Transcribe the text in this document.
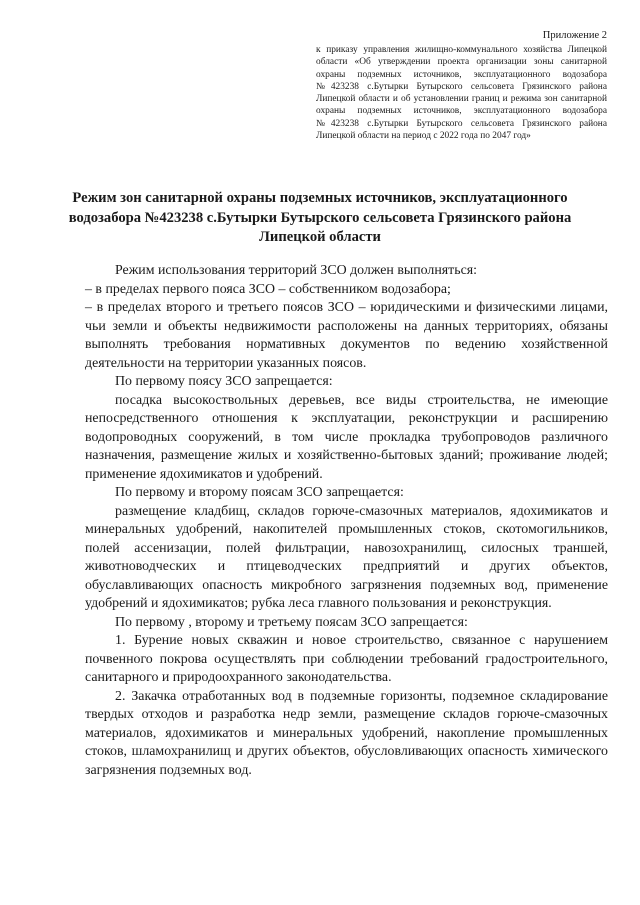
Приложение 2

к приказу управления жилищно-коммунального хозяйства Липецкой области «Об утверждении проекта организации зоны санитарной охраны подземных источников, эксплуатационного водозабора №423238 с.Бутырки Бутырского сельсовета Грязинского района Липецкой области и об установлении границ и режима зон санитарной охраны подземных источников, эксплуатационного водозабора №423238 с.Бутырки Бутырского сельсовета Грязинского района Липецкой области на период с 2022 года по 2047 год»

Режим зон санитарной охраны подземных источников, эксплуатационного водозабора №423238 с.Бутырки Бутырского сельсовета Грязинского района Липецкой области

Режим использования территорий ЗСО должен выполняться:

– в пределах первого пояса ЗСО – собственником водозабора;

– в пределах второго и третьего поясов ЗСО – юридическими и физическими лицами, чьи земли и объекты недвижимости расположены на данных территориях, обязаны выполнять требования нормативных документов по ведению хозяйственной деятельности на территории указанных поясов.

По первому поясу ЗСО запрещается:

посадка высокоствольных деревьев, все виды строительства, не имеющие непосредственного отношения к эксплуатации, реконструкции и расширению водопроводных сооружений, в том числе прокладка трубопроводов различного назначения, размещение жилых и хозяйственно-бытовых зданий; проживание людей; применение ядохимикатов и удобрений.

По первому и второму поясам ЗСО запрещается:

размещение кладбищ, складов горюче-смазочных материалов, ядохимикатов и минеральных удобрений, накопителей промышленных стоков, скотомогильников, полей ассенизации, полей фильтрации, навозохранилищ, силосных траншей, животноводческих и птицеводческих предприятий и других объектов, обуславливающих опасность микробного загрязнения подземных вод, применение удобрений и ядохимикатов; рубка леса главного пользования и реконструкция.

По первому , второму и третьему поясам ЗСО запрещается:

1. Бурение новых скважин и новое строительство, связанное с нарушением почвенного покрова осуществлять при соблюдении требований градостроительного, санитарного и природоохранного законодательства.

2. Закачка отработанных вод в подземные горизонты, подземное складирование твердых отходов и разработка недр земли, размещение складов горюче-смазочных материалов, ядохимикатов и минеральных удобрений, накопление промышленных стоков, шламохранилищ и других объектов, обусловливающих опасность химического загрязнения подземных вод.
